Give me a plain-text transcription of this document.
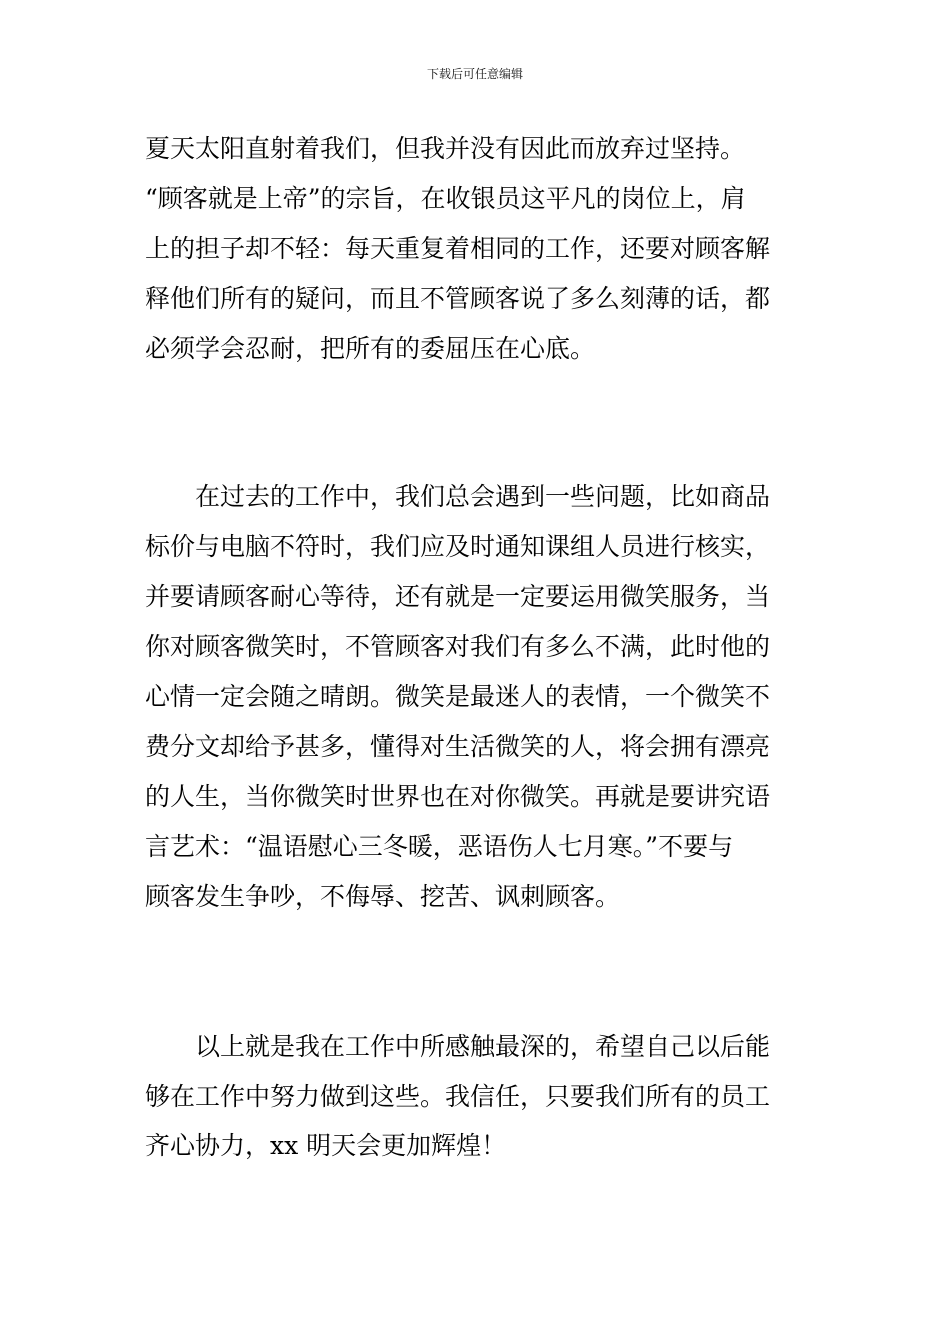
下载后可任意编辑
夏天太阳直射着我们，但我并没有因此而放弃过坚持。
“顾客就是上帝”的宗旨，在收银员这平凡的岗位上，肩
上的担子却不轻：每天重复着相同的工作，还要对顾客解
释他们所有的疑问，而且不管顾客说了多么刻薄的话，都
必须学会忍耐，把所有的委屈压在心底。
　　在过去的工作中，我们总会遇到一些问题，比如商品
标价与电脑不符时，我们应及时通知课组人员进行核实，
并要请顾客耐心等待，还有就是一定要运用微笑服务，当
你对顾客微笑时，不管顾客对我们有多么不满，此时他的
心情一定会随之晴朗。微笑是最迷人的表情，一个微笑不
费分文却给予甚多，懂得对生活微笑的人，将会拥有漂亮
的人生，当你微笑时世界也在对你微笑。再就是要讲究语
言艺术：“温语慰心三冬暖，恶语伤人七月寒。”不要与
顾客发生争吵，不侮辱、挖苦、讽刺顾客。
　　以上就是我在工作中所感触最深的，希望自己以后能
够在工作中努力做到这些。我信任，只要我们所有的员工
齐心协力，xx 明天会更加辉煌！
